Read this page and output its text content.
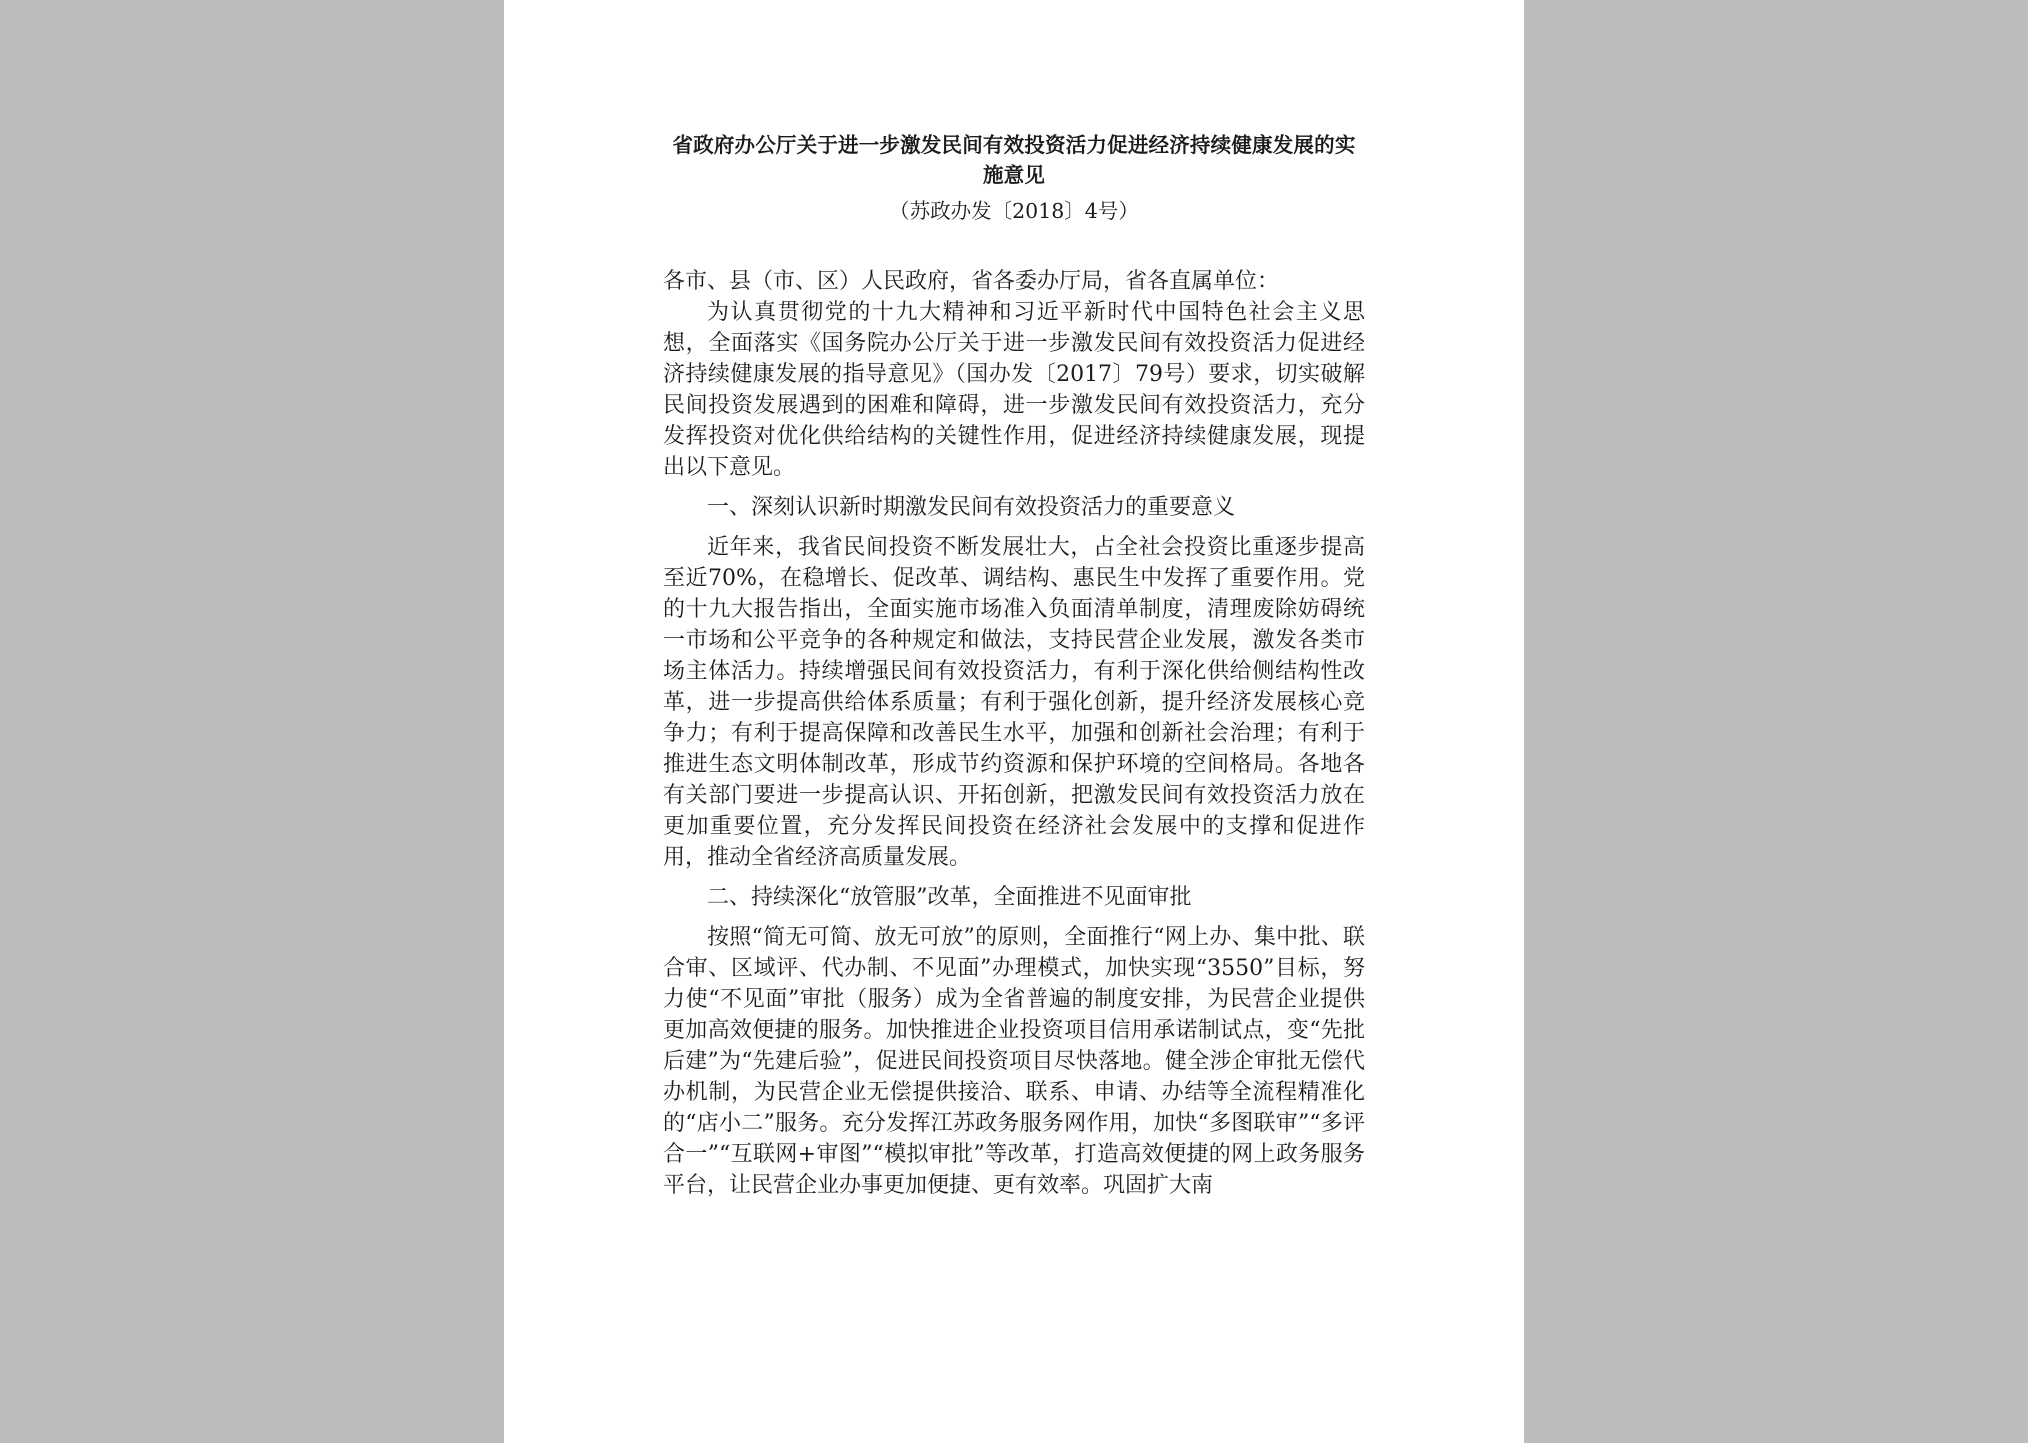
省政府办公厅关于进一步激发民间有效投资活力促进经济持续健康发展的实施意见

（苏政办发〔2018〕4号）

各市、县（市、区）人民政府，省各委办厅局，省各直属单位：

为认真贯彻党的十九大精神和习近平新时代中国特色社会主义思想，全面落实《国务院办公厅关于进一步激发民间有效投资活力促进经济持续健康发展的指导意见》（国办发〔2017〕79号）要求，切实破解民间投资发展遇到的困难和障碍，进一步激发民间有效投资活力，充分发挥投资对优化供给结构的关键性作用，促进经济持续健康发展，现提出以下意见。

一、深刻认识新时期激发民间有效投资活力的重要意义

近年来，我省民间投资不断发展壮大，占全社会投资比重逐步提高至近70%，在稳增长、促改革、调结构、惠民生中发挥了重要作用。党的十九大报告指出，全面实施市场准入负面清单制度，清理废除妨碍统一市场和公平竞争的各种规定和做法，支持民营企业发展，激发各类市场主体活力。持续增强民间有效投资活力，有利于深化供给侧结构性改革，进一步提高供给体系质量；有利于强化创新，提升经济发展核心竞争力；有利于提高保障和改善民生水平，加强和创新社会治理；有利于推进生态文明体制改革，形成节约资源和保护环境的空间格局。各地各有关部门要进一步提高认识、开拓创新，把激发民间有效投资活力放在更加重要位置，充分发挥民间投资在经济社会发展中的支撑和促进作用，推动全省经济高质量发展。

二、持续深化“放管服”改革，全面推进不见面审批

按照“简无可简、放无可放”的原则，全面推行“网上办、集中批、联合审、区域评、代办制、不见面”办理模式，加快实现“3550”目标，努力使“不见面”审批（服务）成为全省普遍的制度安排，为民营企业提供更加高效便捷的服务。加快推进企业投资项目信用承诺制试点，变“先批后建”为“先建后验”，促进民间投资项目尽快落地。健全涉企审批无偿代办机制，为民营企业无偿提供接洽、联系、申请、办结等全流程精准化的“店小二”服务。充分发挥江苏政务服务网作用，加快“多图联审”“多评合一”“互联网+审图”“模拟审批”等改革，打造高效便捷的网上政务服务平台，让民营企业办事更加便捷、更有效率。巩固扩大南
